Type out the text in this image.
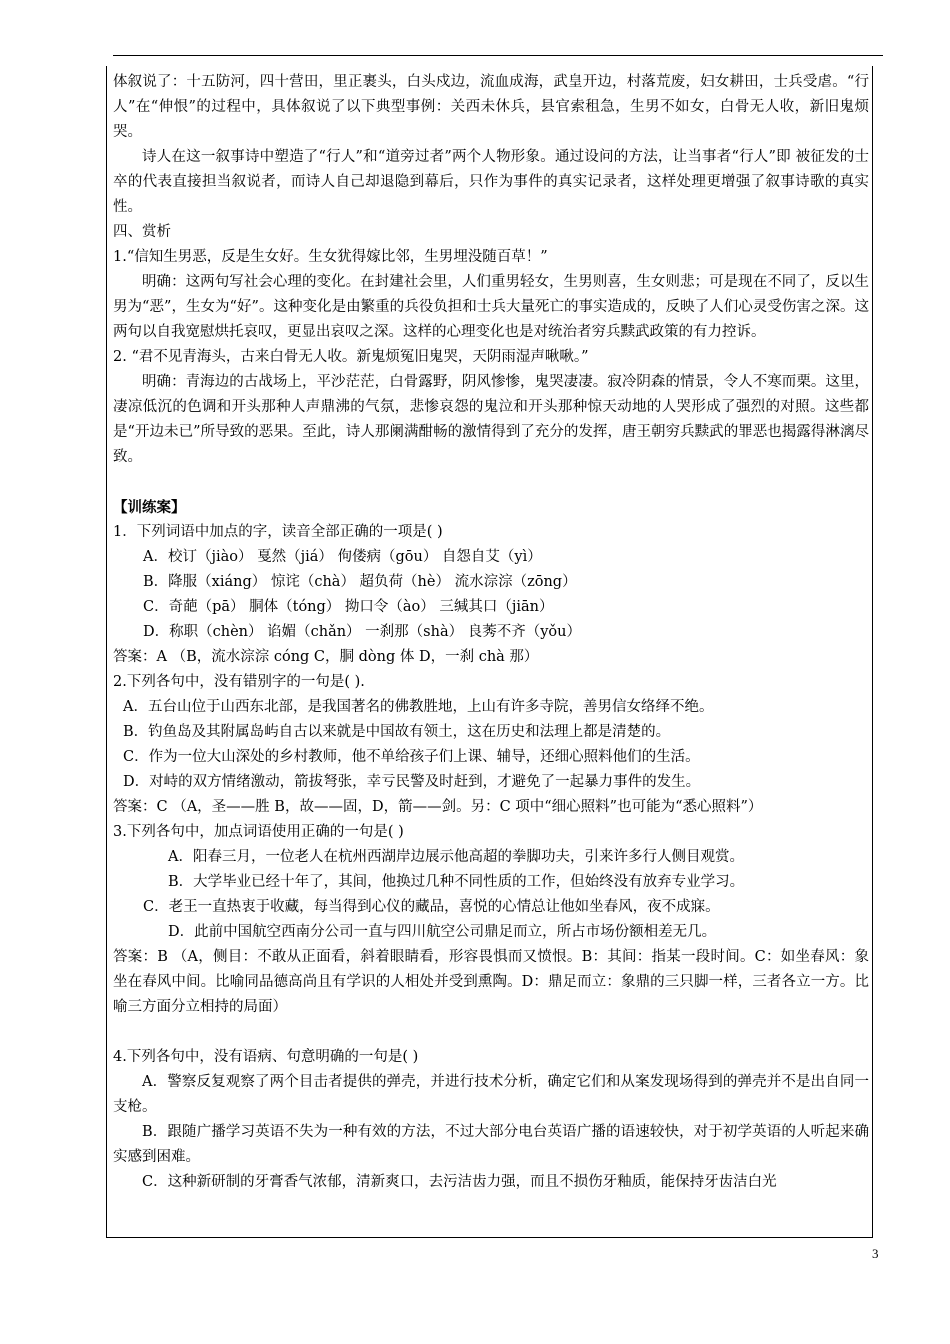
体叙说了：十五防河，四十营田，里正裹头，白头戍边，流血成海，武皇开边，村落荒废，妇女耕田，士兵受虐。“行人”在“伸恨”的过程中，具体叙说了以下典型事例：关西未休兵，县官索租急，生男不如女，白骨无人收，新旧鬼烦哭。

诗人在这一叙事诗中塑造了“行人”和“道旁过者”两个人物形象。通过设问的方法，让当事者“行人”即 被征发的士卒的代表直接担当叙说者，而诗人自己却退隐到幕后，只作为事件的真实记录者，这样处理更增强了叙事诗歌的真实性。

四、赏析

1.“信知生男恶，反是生女好。生女犹得嫁比邻，生男埋没随百草！”

明确：这两句写社会心理的变化。在封建社会里，人们重男轻女，生男则喜，生女则悲；可是现在不同了，反以生男为“恶”，生女为“好”。这种变化是由繁重的兵役负担和士兵大量死亡的事实造成的，反映了人们心灵受伤害之深。这两句以自我宽慰烘托哀叹，更显出哀叹之深。这样的心理变化也是对统治者穷兵黩武政策的有力控诉。

2. “君不见青海头，古来白骨无人收。新鬼烦冤旧鬼哭，天阴雨湿声啾啾。”

明确：青海边的古战场上，平沙茫茫，白骨露野，阴风惨惨，鬼哭凄凄。寂冷阴森的情景，令人不寒而栗。这里，凄凉低沉的色调和开头那种人声鼎沸的气氛，悲惨哀怨的鬼泣和开头那种惊天动地的人哭形成了强烈的对照。这些都是“开边未已”所导致的恶果。至此，诗人那阑满酣畅的激情得到了充分的发挥，唐王朝穷兵黩武的罪恶也揭露得淋漓尽致。

【训练案】

1．下列词语中加点的字，读音全部正确的一项是( )

A．校订（jiào） 戛然（jiá） 佝偻病（gōu） 自怨自艾（yì）

B．降服（xiáng） 惊诧（chà） 超负荷（hè） 流水淙淙（zōng）

C．奇葩（pā） 胴体（tóng） 拗口令（ào） 三缄其口（jiān）

D．称职（chèn） 谄媚（chǎn） 一刹那（shà） 良莠不齐（yǒu）

答案：A （B，流水淙淙 cóng C，胴 dòng 体 D，一刹 chà 那）

2.下列各句中，没有错别字的一句是( ).

A．五台山位于山西东北部，是我国著名的佛教胜地，上山有许多寺院，善男信女络绎不绝。

B．钓鱼岛及其附属岛屿自古以来就是中国故有领土，这在历史和法理上都是清楚的。

C．作为一位大山深处的乡村教师，他不单给孩子们上课、辅导，还细心照料他们的生活。

D．对峙的双方情绪激动，箭拔弩张，幸亏民警及时赶到，才避免了一起暴力事件的发生。

答案：C （A，圣——胜 B，故——固，D，箭——剑。另：C 项中“细心照料”也可能为“悉心照料”）

3.下列各句中，加点词语使用正确的一句是( )

A．阳春三月，一位老人在杭州西湖岸边展示他高超的拳脚功夫，引来许多行人侧目观赏。

B．大学毕业已经十年了，其间，他换过几种不同性质的工作，但始终没有放弃专业学习。

C．老王一直热衷于收藏，每当得到心仪的藏品，喜悦的心情总让他如坐春风，夜不成寐。

D．此前中国航空西南分公司一直与四川航空公司鼎足而立，所占市场份额相差无几。

答案：B （A，侧目：不敢从正面看，斜着眼睛看，形容畏惧而又愤恨。B：其间：指某一段时间。C：如坐春风：象坐在春风中间。比喻同品德高尚且有学识的人相处并受到熏陶。D：鼎足而立：象鼎的三只脚一样，三者各立一方。比喻三方面分立相持的局面）

4.下列各句中，没有语病、句意明确的一句是( )

A．警察反复观察了两个目击者提供的弹壳，并进行技术分析，确定它们和从案发现场得到的弹壳并不是出自同一支枪。

B．跟随广播学习英语不失为一种有效的方法，不过大部分电台英语广播的语速较快，对于初学英语的人听起来确实感到困难。

C．这种新研制的牙膏香气浓郁，清新爽口，去污洁齿力强，而且不损伤牙釉质，能保持牙齿洁白光

3
